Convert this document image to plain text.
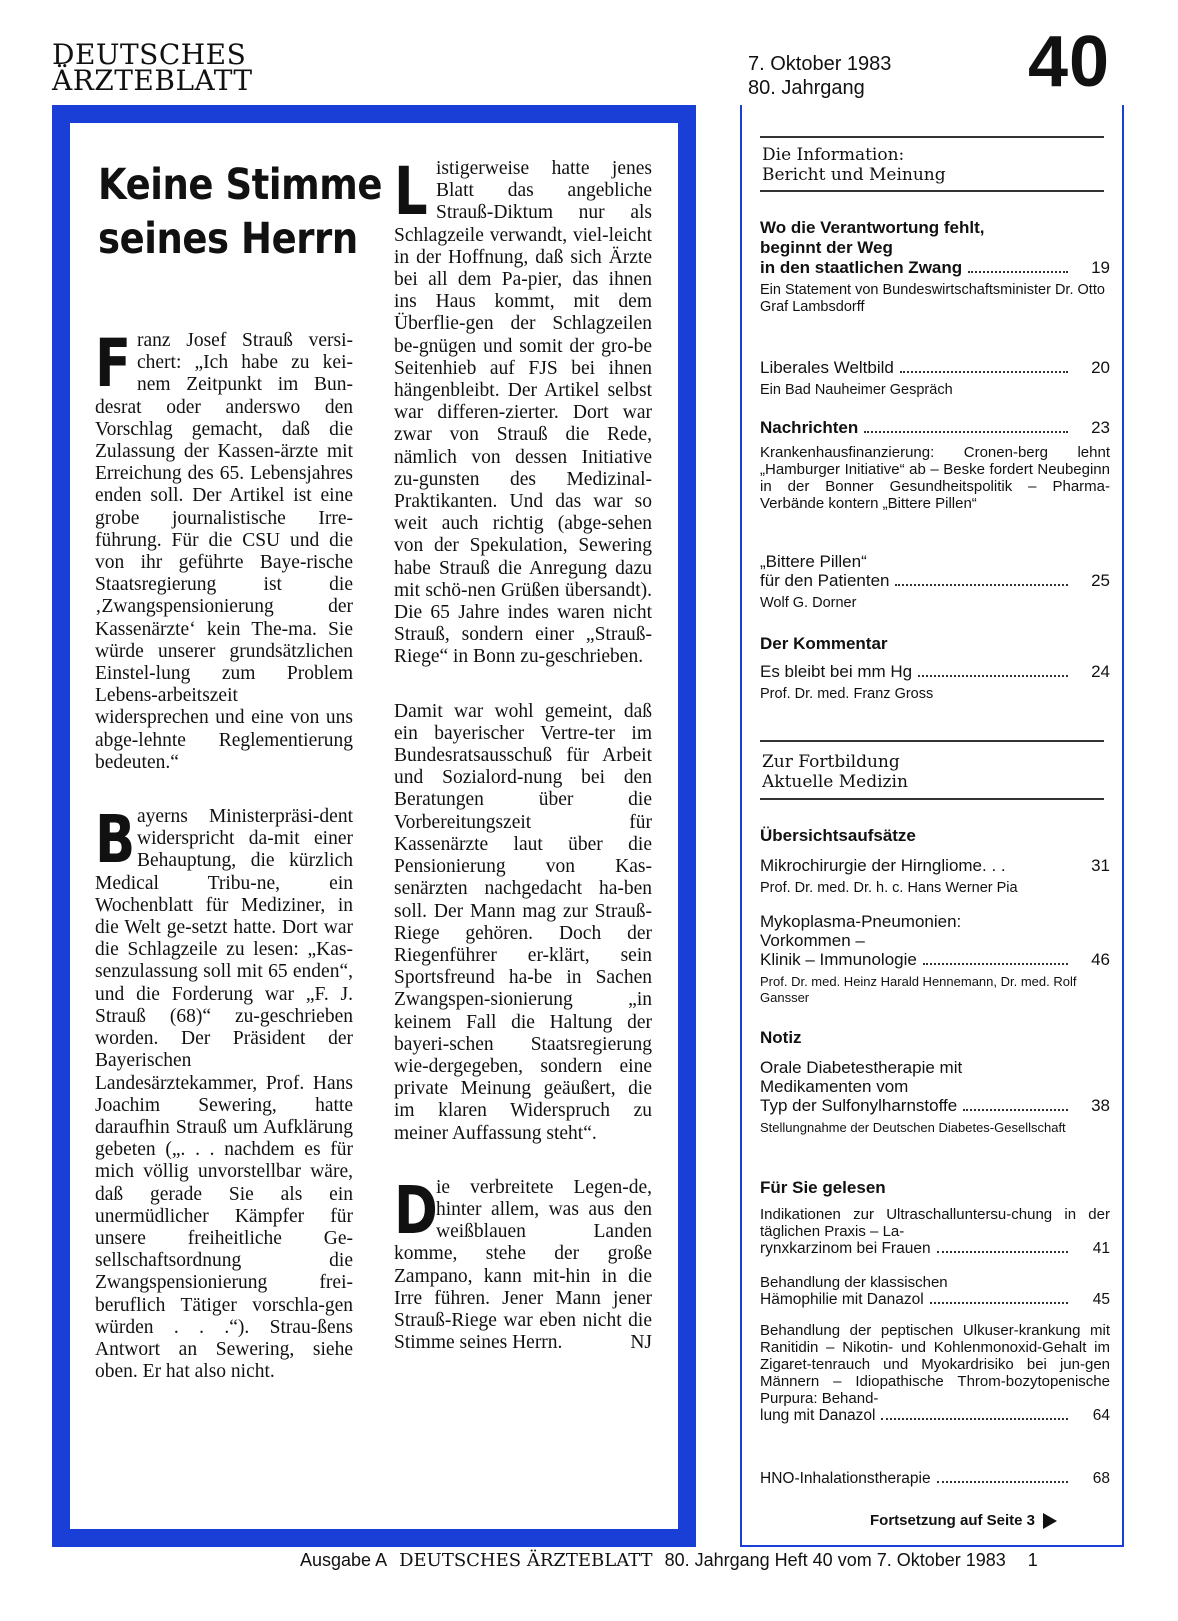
DEUTSCHES
ÄRZTEBLATT	7. Oktober 1983
80. Jahrgang	40
Keine Stimme
seines Herrn

Franz Josef Strauß versi-chert: „Ich habe zu kei-nem Zeitpunkt im Bun-desrat oder anderswo den Vorschlag gemacht, daß die Zulassung der Kassen-ärzte mit Erreichung des 65. Lebensjahres enden soll. Der Artikel ist eine grobe journalistische Irre-führung. Für die CSU und die von ihr geführte Baye-rische Staatsregierung ist die ‚Zwangspensionierung der Kassenärzte‘ kein The-ma. Sie würde unserer grundsätzlichen Einstel-lung zum Problem Lebens-arbeitszeit widersprechen und eine von uns abge-lehnte Reglementierung bedeuten.“

Bayerns Ministerpräsi-dent widerspricht da-mit einer Behauptung, die kürzlich Medical Tribu-ne, ein Wochenblatt für Mediziner, in die Welt ge-setzt hatte. Dort war die Schlagzeile zu lesen: „Kas-senzulassung soll mit 65 enden“, und die Forderung war „F. J. Strauß (68)“ zu-geschrieben worden. Der Präsident der Bayerischen Landesärztekammer, Prof. Hans Joachim Sewering, hatte daraufhin Strauß um Aufklärung gebeten („. . . nachdem es für mich völlig unvorstellbar wäre, daß gerade Sie als ein unermüdlicher Kämpfer für unsere freiheitliche Ge-sellschaftsordnung die Zwangspensionierung frei-beruflich Tätiger vorschla-gen würden . . .“). Strau-ßens Antwort an Sewering, siehe oben. Er hat also nicht.

Listigerweise hatte jenes Blatt das angebliche Strauß-Diktum nur als Schlagzeile verwandt, viel-leicht in der Hoffnung, daß sich Ärzte bei all dem Pa-pier, das ihnen ins Haus kommt, mit dem Überflie-gen der Schlagzeilen be-gnügen und somit der gro-be Seitenhieb auf FJS bei ihnen hängenbleibt. Der Artikel selbst war differen-zierter. Dort war zwar von Strauß die Rede, nämlich von dessen Initiative zu-gunsten des Medizinal-Praktikanten. Und das war so weit auch richtig (abge-sehen von der Spekulation, Sewering habe Strauß die Anregung dazu mit schö-nen Grüßen übersandt). Die 65 Jahre indes waren nicht Strauß, sondern einer „Strauß-Riege“ in Bonn zu-geschrieben.

Damit war wohl gemeint, daß ein bayerischer Vertre-ter im Bundesratsausschuß für Arbeit und Sozialord-nung bei den Beratungen über die Vorbereitungszeit für Kassenärzte laut über die Pensionierung von Kas-senärzten nachgedacht ha-ben soll. Der Mann mag zur Strauß-Riege gehören. Doch der Riegenführer er-klärt, sein Sportsfreund ha-be in Sachen Zwangspen-sionierung „in keinem Fall die Haltung der bayeri-schen Staatsregierung wie-dergegeben, sondern eine private Meinung geäußert, die im klaren Widerspruch zu meiner Auffassung steht“.

D
ie verbreitete Legen-de, hinter allem, was aus den weißblauen Landen komme, stehe der große Zampano, kann mit-hin in die Irre führen. Jener Mann jener Strauß-Riege war eben nicht die Stimme seines Herrn.	NJ

Die Information:
Bericht und Meinung
Wo die Verantwortung fehlt,
beginnt der Weg
in den staatlichen Zwang	19
Ein Statement von Bundeswirtschaftsminister Dr. Otto Graf Lambsdorff
Liberales Weltbild	20
Ein Bad Nauheimer Gespräch
Nachrichten	23
Krankenhausfinanzierung: Cronen-berg lehnt „Hamburger Initiative“ ab – Beske fordert Neubeginn in der Bonner Gesundheitspolitik – Pharma-Verbände kontern „Bittere Pillen“
„Bittere Pillen“
für den Patienten	25
Wolf G. Dorner
Der Kommentar
Es bleibt bei mm Hg	24
Prof. Dr. med. Franz Gross
Zur Fortbildung
Aktuelle Medizin
Übersichtsaufsätze
Mikrochirurgie der Hirngliome. . .	31
Prof. Dr. med. Dr. h. c. Hans Werner Pia
Mykoplasma-Pneumonien:
Vorkommen –
Klinik – Immunologie	46
Prof. Dr. med. Heinz Harald Hennemann, Dr. med. Rolf Gansser
Notiz
Orale Diabetestherapie mit
Medikamenten vom
Typ der Sulfonylharnstoffe	38
Stellungnahme der Deutschen Diabetes-Gesellschaft
Für Sie gelesen
Indikationen zur Ultraschalluntersu-chung in der täglichen Praxis – La-
rynxkarzinom bei Frauen	41
Behandlung der klassischen
Hämophilie mit Danazol	45
Behandlung der peptischen Ulkuser-krankung mit Ranitidin – Nikotin- und Kohlenmonoxid-Gehalt im Zigaret-tenrauch und Myokardrisiko bei jun-gen Männern – Idiopathische Throm-bozytopenische Purpura: Behand-
lung mit Danazol	64
HNO-Inhalationstherapie	68
Fortsetzung auf Seite 3
Ausgabe A DEUTSCHES ÄRZTEBLATT 80. Jahrgang Heft 40 vom 7. Oktober 1983 1
